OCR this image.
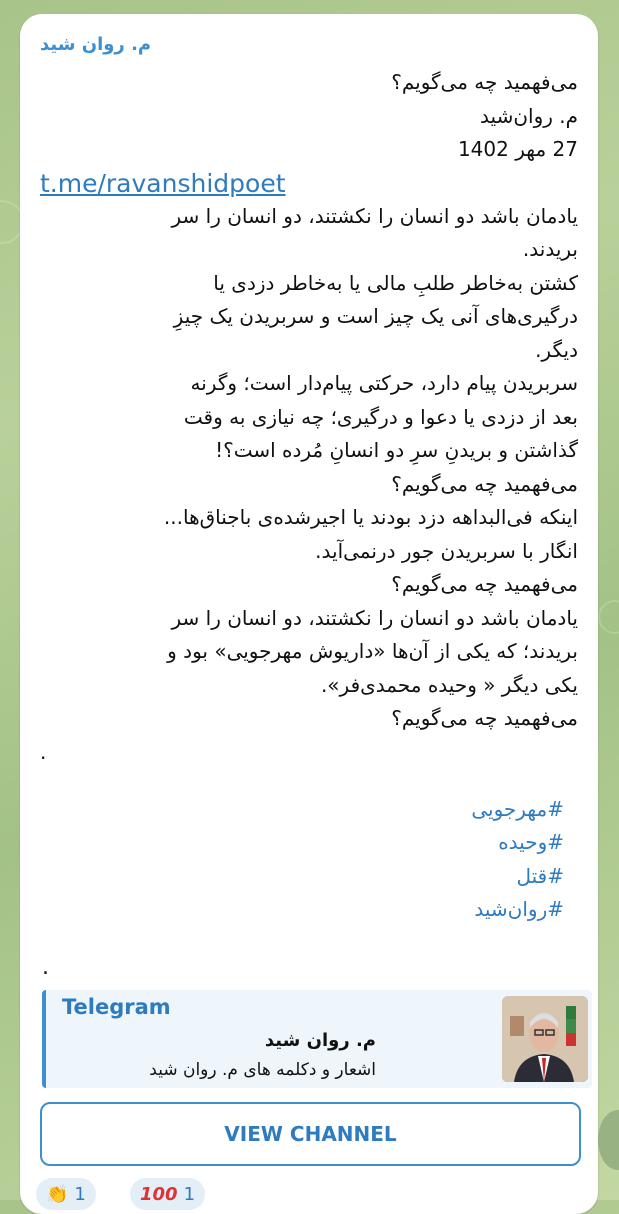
م. روان شید
می‌فهمید چه می‌گویم؟
م. روان‌شید
27 مهر 1402
t.me/ravanshidpoet
یادمان باشد دو انسان را نکشتند، دو انسان را سر
بریدند.
کشتن به‌خاطر طلبِ مالی یا به‌خاطر دزدی یا
درگیری‌های آنی یک چیز است و سربریدن یک چیزِ
دیگر.
سربریدن پیام دارد، حرکتی پیام‌دار است؛ وگرنه
بعد از دزدی یا دعوا و درگیری؛ چه نیازی به وقت
گذاشتن و بریدنِ سرِ دو انسانِ مُرده است؟!
می‌فهمید چه می‌گویم؟
اینکه فی‌البداهه دزد بودند یا اجیرشده‌ی باجناق‌ها...
انگار با سربریدن جور درنمی‌آید.
می‌فهمید چه می‌گویم؟
یادمان باشد دو انسان را نکشتند، دو انسان را سر
بریدند؛ که یکی از آن‌ها «داریوش مهرجویی» بود و
یکی دیگر « وحیده محمدی‌فر».
می‌فهمید چه می‌گویم؟
.
#مهرجویی
#وحیده
#قتل
#روان‌شید
.
Telegram
م. روان شید
اشعار و دکلمه های م. روان شید
VIEW CHANNEL
👏 1	100 1
